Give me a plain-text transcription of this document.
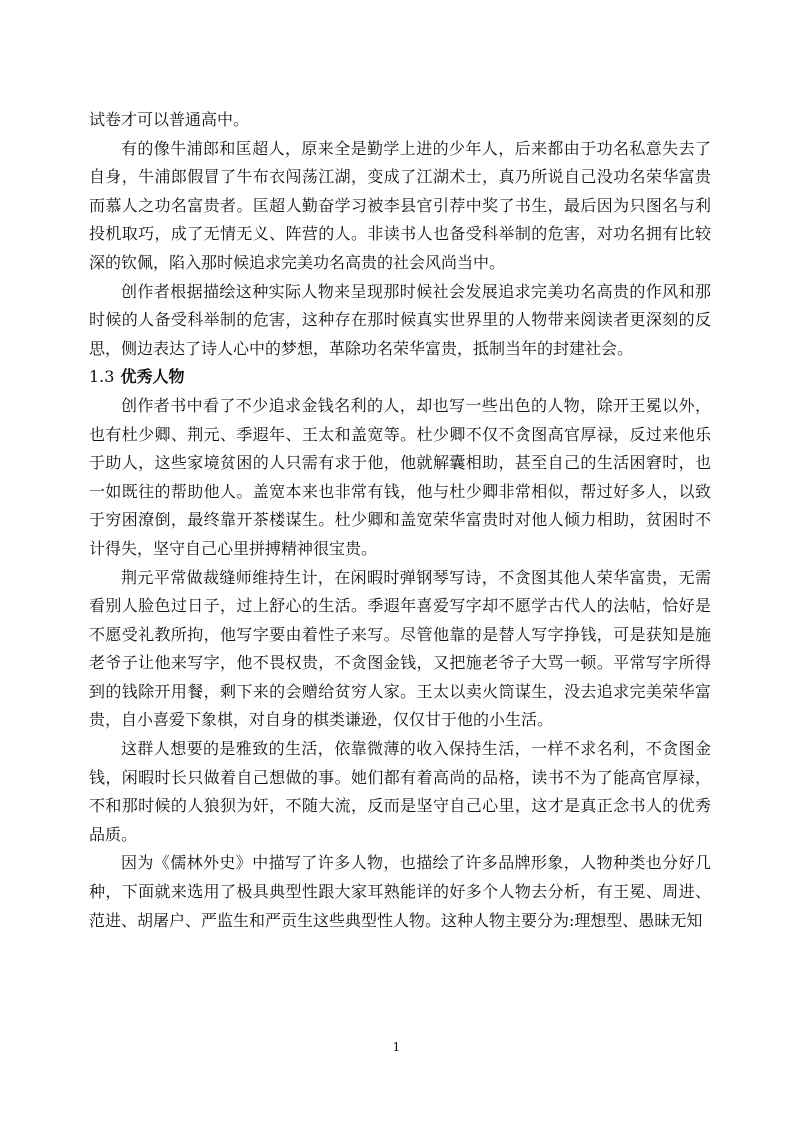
试卷才可以普通高中。

有的像牛浦郎和匡超人，原来全是勤学上进的少年人，后来都由于功名私意失去了自身，牛浦郎假冒了牛布衣闯荡江湖，变成了江湖术士，真乃所说自己没功名荣华富贵而慕人之功名富贵者。匡超人勤奋学习被李县官引荐中奖了书生，最后因为只图名与利投机取巧，成了无情无义、阵营的人。非读书人也备受科举制的危害，对功名拥有比较深的钦佩，陷入那时候追求完美功名高贵的社会风尚当中。

创作者根据描绘这种实际人物来呈现那时候社会发展追求完美功名高贵的作风和那时候的人备受科举制的危害，这种存在那时候真实世界里的人物带来阅读者更深刻的反思，侧边表达了诗人心中的梦想，革除功名荣华富贵，抵制当年的封建社会。

1.3 优秀人物

创作者书中看了不少追求金钱名利的人，却也写一些出色的人物，除开王冕以外，也有杜少卿、荆元、季遐年、王太和盖宽等。杜少卿不仅不贪图高官厚禄，反过来他乐于助人，这些家境贫困的人只需有求于他，他就解囊相助，甚至自己的生活困窘时，也一如既往的帮助他人。盖宽本来也非常有钱，他与杜少卿非常相似，帮过好多人，以致于穷困潦倒，最终靠开茶楼谋生。杜少卿和盖宽荣华富贵时对他人倾力相助，贫困时不计得失，坚守自己心里拼搏精神很宝贵。

荆元平常做裁缝师维持生计，在闲暇时弹钢琴写诗，不贪图其他人荣华富贵，无需看别人脸色过日子，过上舒心的生活。季遐年喜爱写字却不愿学古代人的法帖，恰好是不愿受礼教所拘，他写字要由着性子来写。尽管他靠的是替人写字挣钱，可是获知是施老爷子让他来写字，他不畏权贵，不贪图金钱，又把施老爷子大骂一顿。平常写字所得到的钱除开用餐，剩下来的会赠给贫穷人家。王太以卖火筒谋生，没去追求完美荣华富贵，自小喜爱下象棋，对自身的棋类谦逊，仅仅甘于他的小生活。

这群人想要的是雅致的生活，依靠微薄的收入保持生活，一样不求名利，不贪图金钱，闲暇时长只做着自己想做的事。她们都有着高尚的品格，读书不为了能高官厚禄，不和那时候的人狼狈为奸，不随大流，反而是坚守自己心里，这才是真正念书人的优秀品质。

因为《儒林外史》中描写了许多人物，也描绘了许多品牌形象，人物种类也分好几种，下面就来选用了极具典型性跟大家耳熟能详的好多个人物去分析，有王冕、周进、范进、胡屠户、严监生和严贡生这些典型性人物。这种人物主要分为:理想型、愚昧无知

1
